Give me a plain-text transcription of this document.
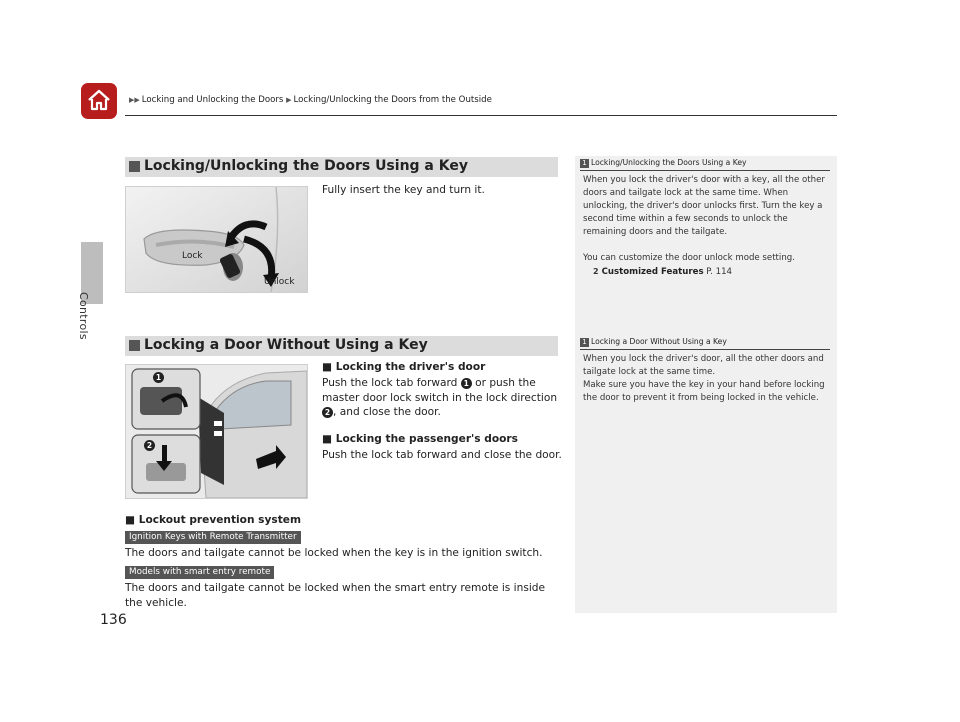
▶▶ Locking and Unlocking the Doors ▶ Locking/Unlocking the Doors from the Outside
Controls
Locking/Unlocking the Doors Using a Key
Lock
Unlock
Fully insert the key and turn it.
Locking a Door Without Using a Key
1
2
■ Locking the driver's door
Push the lock tab forward 1 or push the master door lock switch in the lock direction 2 , and close the door.
■ Locking the passenger's doors
Push the lock tab forward and close the door.
■ Lockout prevention system
Ignition Keys with Remote Transmitter
The doors and tailgate cannot be locked when the key is in the ignition switch.
Models with smart entry remote
The doors and tailgate cannot be locked when the smart entry remote is inside the vehicle.
1 Locking/Unlocking the Doors Using a Key

When you lock the driver's door with a key, all the other doors and tailgate lock at the same time. When unlocking, the driver's door unlocks first. Turn the key a second time within a few seconds to unlock the remaining doors and the tailgate.

You can customize the door unlock mode setting.

2 Customized Features P. 114
1 Locking a Door Without Using a Key
When you lock the driver's door, all the other doors and tailgate lock at the same time.
Make sure you have the key in your hand before locking the door to prevent it from being locked in the vehicle.
136
